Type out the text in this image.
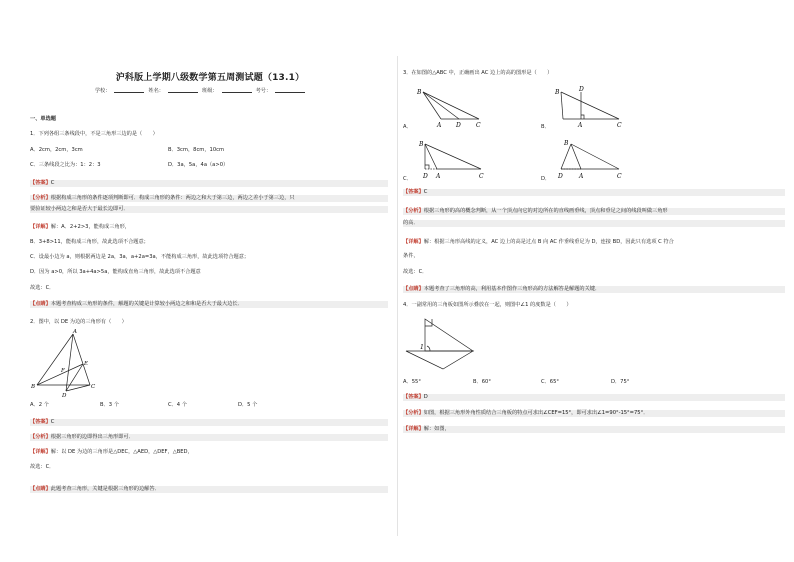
沪科版上学期八级数学第五周测试题（13.1）
学校：	姓名：	班级：	考号：
一、单选题
1．下列各组三条线段中，不是三角形三边的是（　　）
A．2cm，2cm，3cm	B．3cm，8cm，10cm
C．三条线段之比为：1：2：3	D．3a，5a，4a（a>0）
【答案】C
【分析】根据构成三角形的条件逐项判断即可．构成三角形的条件：两边之和大于第三边，两边之差小于第三边，只
要验证较小两边之和是否大于最长边即可．
【详解】解：A．2+2>3，能构成三角形，
B．3+8>11，能构成三角形，故此选项不合题意；
C．设最小边为 a，则根据两边是 2a，3a，a+2a=3a，不能构成三角形，故此选项符合题意；
D．因为 a>0，所以 3a+4a>5a，能构成直角三角形，故此选项不合题意
故选：C．
【点睛】本题考查构成三角形的条件，解题的关键是计算较小两边之和和是否大于最大边长．
2．图中，以 DE 为边的三角形有（　　）
A
E
F
B	C
D
A．2 个	B．3 个	C．4 个	D．5 个
【答案】C
【分析】根据三角形的边即得出三角形即可．
【详解】解：以 DE 为边的三角形是△DEC，△AED，△DEF，△BED，
故选：C．
【点睛】此题考查三角形，关键是根据三角形的边解答．
3．在如图的△ABC 中，正确画出 AC 边上的高的图形是（　　）
B
A D	C
A．
B	D
A	C
B．
B
D A	C
C．
B
D	A	C
D．
【答案】C
【分析】根据三角形的高的概念判断，从一个顶点向它的对边所在的直线画垂线，顶点和垂足之间的线段叫做三角形
的高．
【详解】解：根据三角形高线的定义，AC 边上的高是过点 B 向 AC 作垂线垂足为 D，连接 BD，因此只有选项 C 符合
条件，
故选：C．
【点睛】本题考查了三角形的高，利用基本作图作三角形高的方法解答是解题的关键．
4．一副常用的三角板如图所示叠放在一起，则图中∠1 的度数是（　　）
1
A．55°	B．60°	C．65°	D．75°
【答案】D
【分析】如图，根据三角形外角性质结合三角板的特点可求出∠CEF=15°，即可求出∠1=90°-15°=75°．
【详解】解：如图，
